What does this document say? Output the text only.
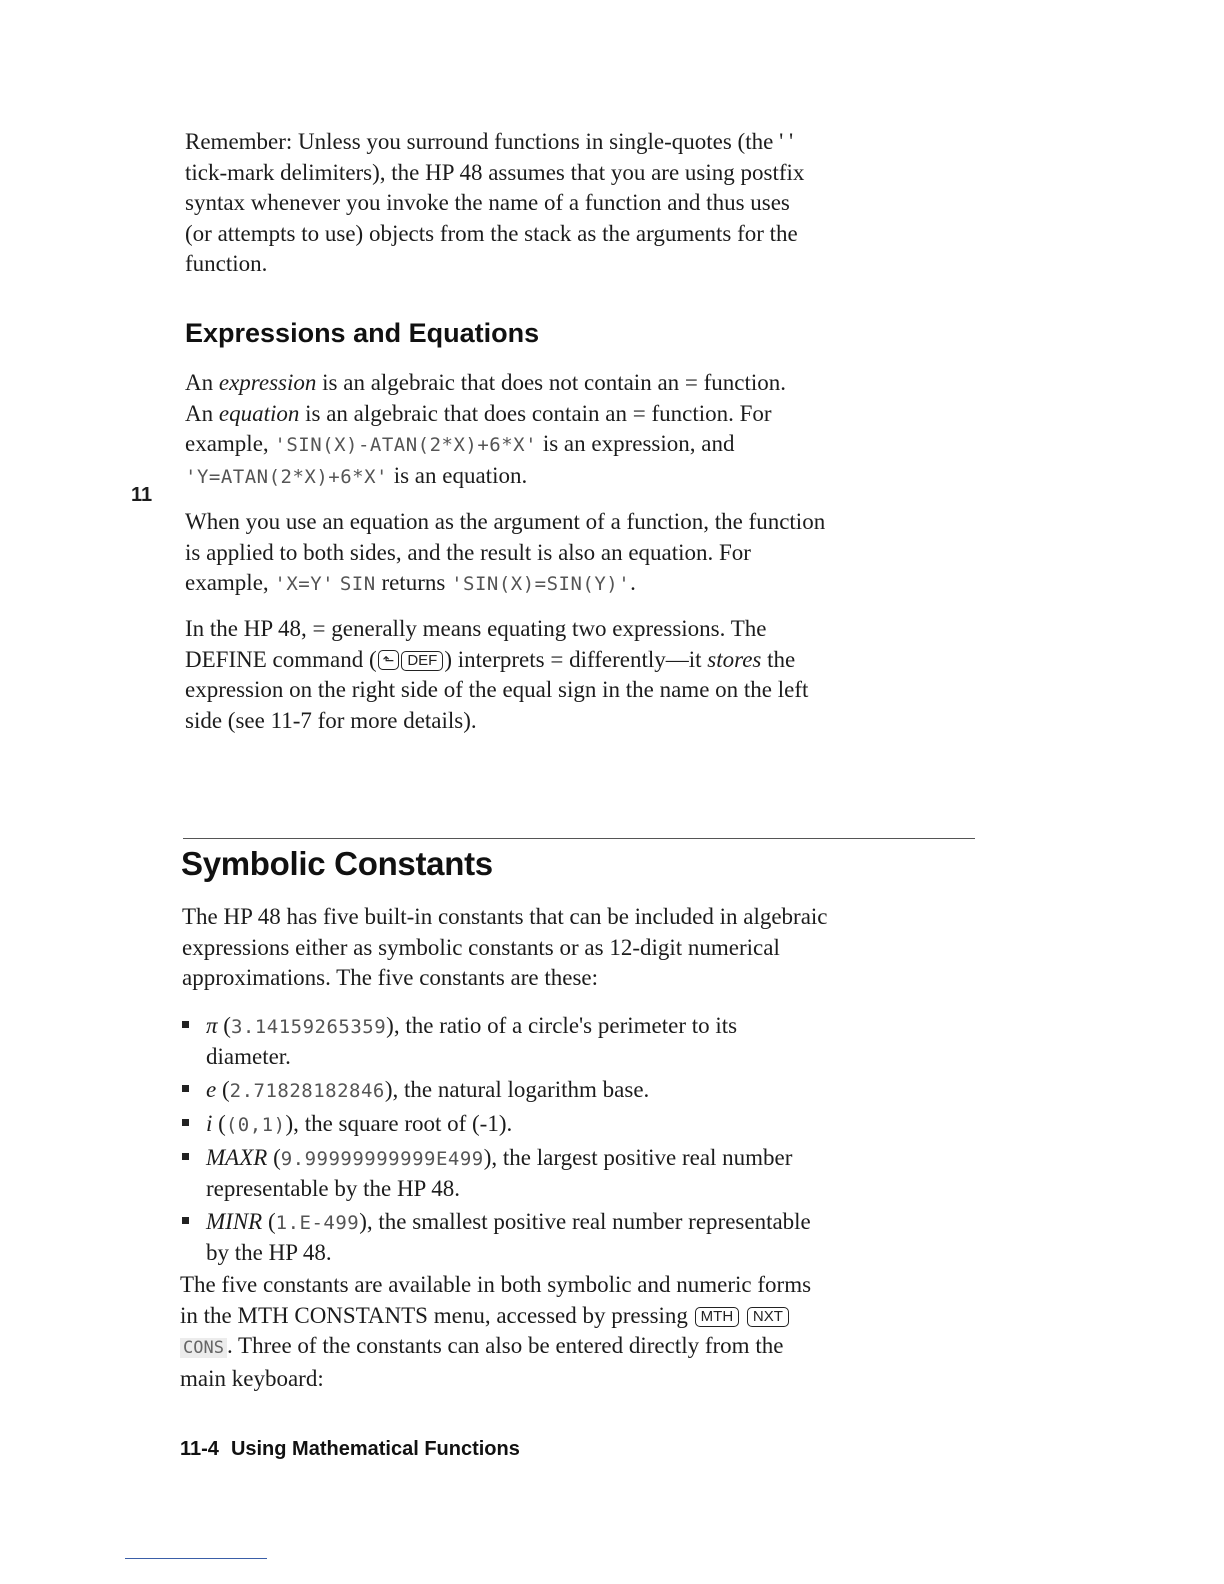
Remember: Unless you surround functions in single-quotes (the ' '
tick-mark delimiters), the HP 48 assumes that you are using postfix
syntax whenever you invoke the name of a function and thus uses
(or attempts to use) objects from the stack as the arguments for the
function.
Expressions and Equations
An expression is an algebraic that does not contain an = function.
An equation is an algebraic that does contain an = function. For
example, 'SIN(X)-ATAN(2*X)+6*X' is an expression, and
'Y=ATAN(2*X)+6*X' is an equation.
11
When you use an equation as the argument of a function, the function
is applied to both sides, and the result is also an equation. For
example, 'X=Y' SIN returns 'SIN(X)=SIN(Y)'.
In the HP 48, = generally means equating two expressions. The
DEFINE command ( ⬑ DEF ) interprets = differently—it stores the
expression on the right side of the equal sign in the name on the left
side (see 11-7 for more details).
Symbolic Constants
The HP 48 has five built-in constants that can be included in algebraic
expressions either as symbolic constants or as 12-digit numerical
approximations. The five constants are these:
π (3.14159265359), the ratio of a circle's perimeter to its
diameter.
e (2.71828182846), the natural logarithm base.
i ((0,1)), the square root of (-1).
MAXR (9.99999999999E499), the largest positive real number
representable by the HP 48.
MINR (1.E-499), the smallest positive real number representable
by the HP 48.
The five constants are available in both symbolic and numeric forms
in the MTH CONSTANTS menu, accessed by pressing MTH NXT
CONS . Three of the constants can also be entered directly from the
main keyboard:
11-4 Using Mathematical Functions
